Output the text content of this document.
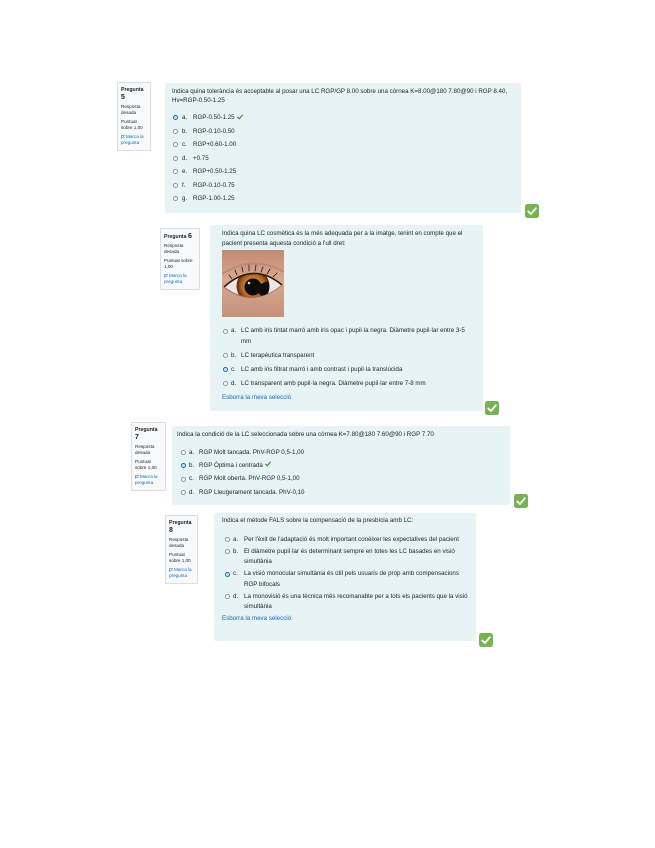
Pregunta 5
Resposta desada
Puntuat sobre 1,00
Marca la pregunta
Indica quina tolerància és acceptable al posar una LC RGP/GP 8.00 sobre una còrnea K=8.00@180 7.80@90 i RGP 8.40, Hv=RGP-0.50-1.25
a. RGP-0.50-1.25
b. RGP-0.10-0.50
c. RGP+0.60-1.00
d. +0.75
e. RGP+0.50-1.25
f.	RGP-0.10-0.75
g. RGP-1.00-1.25
Pregunta 6
Resposta desada
Puntuat sobre 1,00
Marca la pregunta
Indica quina LC cosmètica és la més adequada per a la imatge, tenint en compte que el pacient presenta aquesta condició a l'ull dret:
a. LC amb iris tintat marró amb iris opac i pupil·la negra. Diàmetre pupil·lar entre 3-5 mm
b. LC terapèutica transparent
c. LC amb iris filtrat marró i amb contrast i pupil·la translúcida
d. LC transparent amb pupil·la negra. Diàmetre pupil·lar entre 7-8 mm
Esborra la meva selecció
Pregunta 7
Resposta desada
Puntuat sobre 1,00
Marca la pregunta
Indica la condició de la LC seleccionada sobre una còrnea K=7.80@180 7.60@90 i RGP 7.70
a. RGP Molt tancada. PhV-RGP 0,5-1,00
b. RGP Òptima i centrada
c. RGP Molt oberta. PhV-RGP 0,5-1,00
d. RGP Lleugerament tancada. PhV-0,10
Pregunta 8
Resposta desada
Puntuat sobre 1,00
Marca la pregunta
Indica el mètode FALS sobre la compensació de la presbícia amb LC:
a. Per l'èxit de l'adaptació és molt important conèixer les expectatives del pacient
b. El diàmetre pupil·lar és determinant sempre en totes les LC basades en visió simultània
c. La visió monocular simultània és útil pels usuaris de prop amb compensacions RGP bifocals
d. La monovisió és una tècnica més recomanable per a tots els pacients que la visió simultània
Esborra la meva selecció
